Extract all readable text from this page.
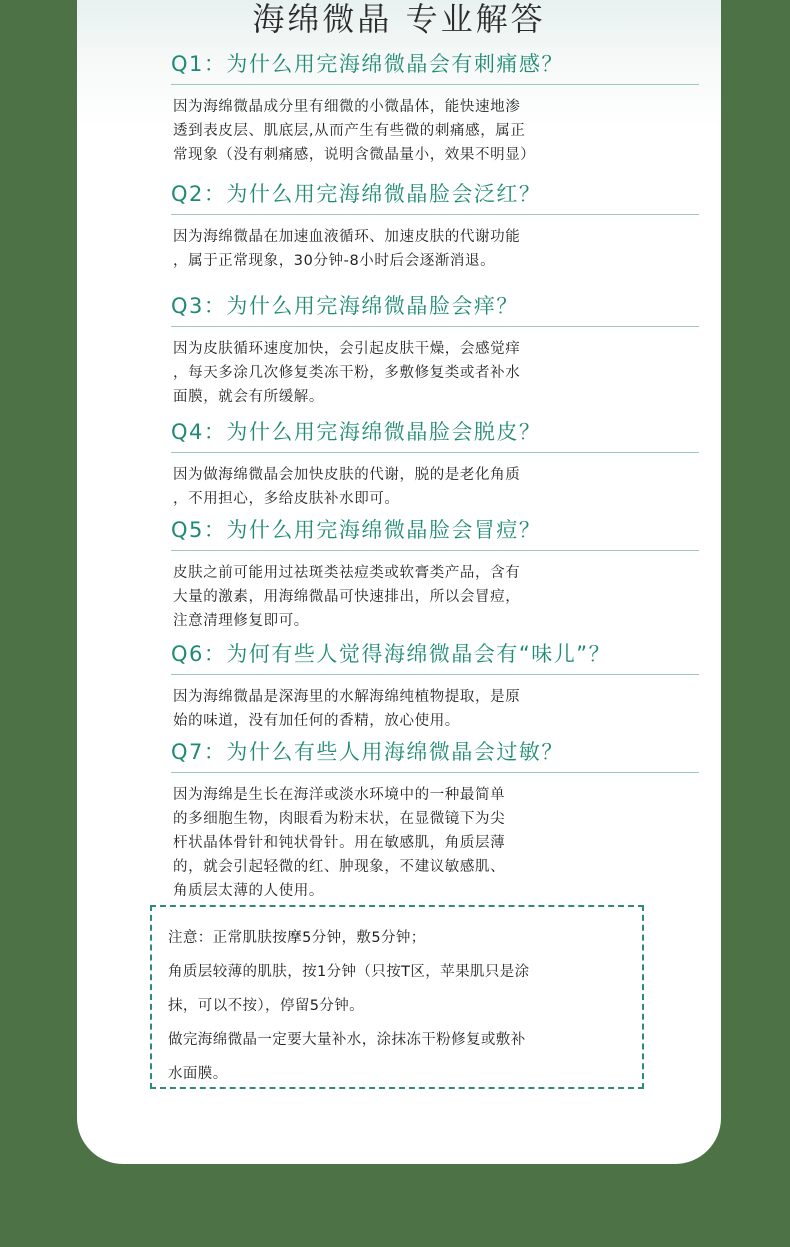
海绵微晶 专业解答
Q1：为什么用完海绵微晶会有刺痛感？
因为海绵微晶成分里有细微的小微晶体，能快速地渗
透到表皮层、肌底层,从而产生有些微的刺痛感，属正
常现象（没有刺痛感，说明含微晶量小，效果不明显）
Q2：为什么用完海绵微晶脸会泛红？
因为海绵微晶在加速血液循环、加速皮肤的代谢功能
，属于正常现象，30分钟-8小时后会逐渐消退。
Q3：为什么用完海绵微晶脸会痒？
因为皮肤循环速度加快，会引起皮肤干燥，会感觉痒
，每天多涂几次修复类冻干粉，多敷修复类或者补水
面膜，就会有所缓解。
Q4：为什么用完海绵微晶脸会脱皮？
因为做海绵微晶会加快皮肤的代谢，脱的是老化角质
，不用担心，多给皮肤补水即可。
Q5：为什么用完海绵微晶脸会冒痘？
皮肤之前可能用过祛斑类祛痘类或软膏类产品，含有
大量的激素，用海绵微晶可快速排出，所以会冒痘，
注意清理修复即可。
Q6：为何有些人觉得海绵微晶会有“味儿”？
因为海绵微晶是深海里的水解海绵纯植物提取，是原
始的味道，没有加任何的香精，放心使用。
Q7：为什么有些人用海绵微晶会过敏？
因为海绵是生长在海洋或淡水环境中的一种最简单
的多细胞生物，肉眼看为粉末状，在显微镜下为尖
杆状晶体骨针和钝状骨针。用在敏感肌，角质层薄
的，就会引起轻微的红、肿现象，不建议敏感肌、
角质层太薄的人使用。
注意：正常肌肤按摩5分钟，敷5分钟；
角质层较薄的肌肤，按1分钟（只按T区，苹果肌只是涂
抹，可以不按），停留5分钟。
做完海绵微晶一定要大量补水，涂抹冻干粉修复或敷补
水面膜。
